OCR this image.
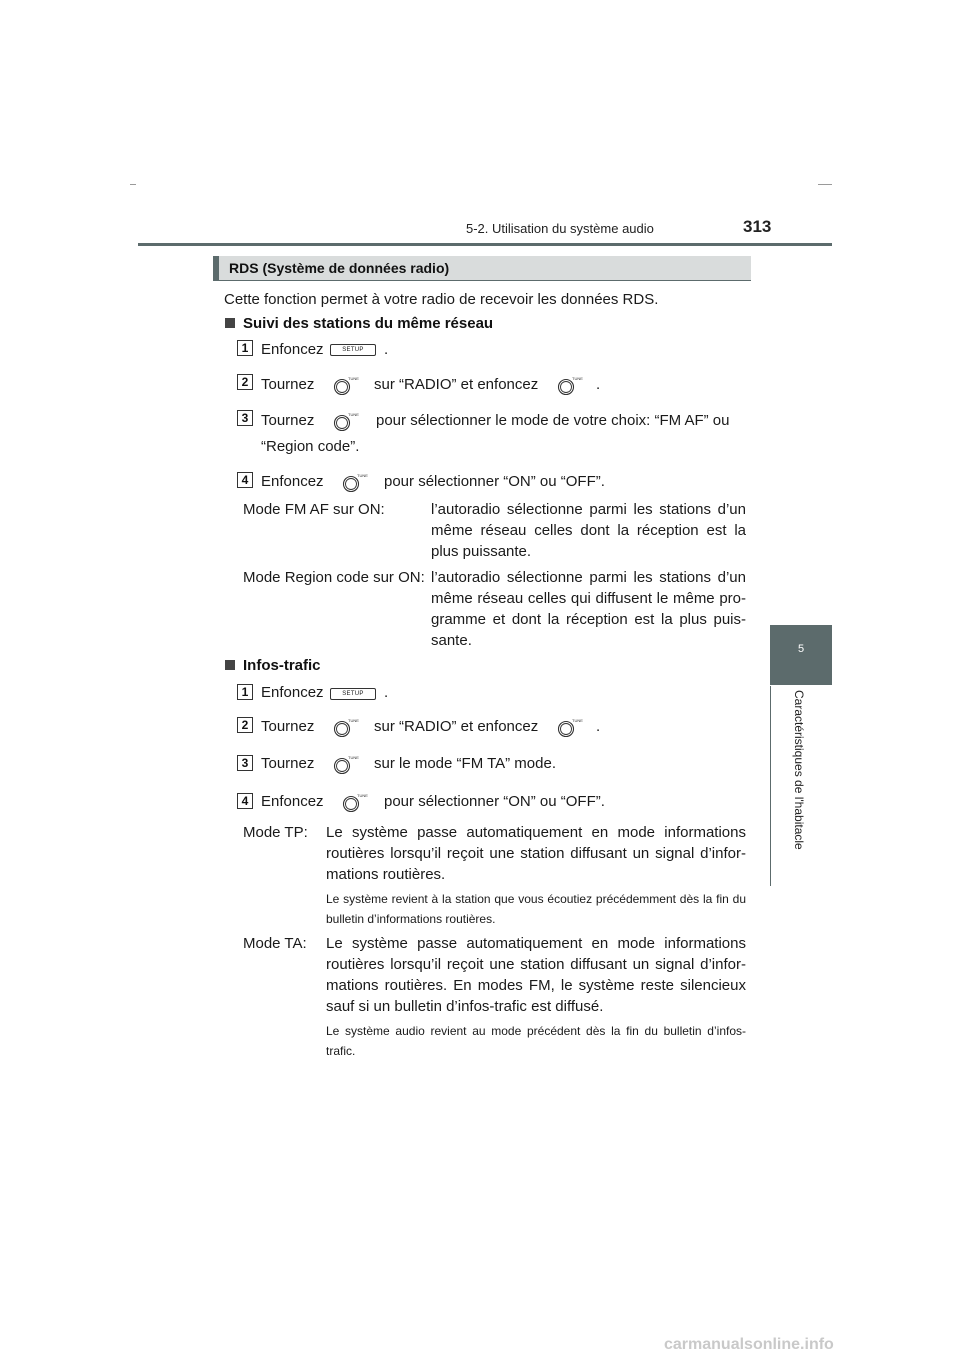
5-2. Utilisation du système audio	313
5
Caractéristiques de l'habitacle
RDS (Système de données radio)
Cette fonction permet à votre radio de recevoir les données RDS.
Suivi des stations du même réseau
1 Enfoncez	SETUP	.
2 Tournez	TUNE sur “RADIO” et enfoncez	TUNE .
3 Tournez	TUNE pour sélectionner le mode de votre choix: “FM AF” ou
“Region code”.
4 Enfoncez	TUNE pour sélectionner “ON” ou “OFF”.
Mode FM AF sur ON:	l’autoradio sélectionne parmi les stations d’un même réseau celles dont la réception est la plus puissante.
Mode Region code sur ON: l’autoradio sélectionne parmi les stations d’un même réseau celles qui diffusent le même pro-gramme et dont la réception est la plus puis-sante.
Infos-trafic
1 Enfoncez	SETUP	.
2 Tournez	TUNE sur “RADIO” et enfoncez	TUNE .
3 Tournez	TUNE sur le mode “FM TA” mode.
4 Enfoncez	TUNE pour sélectionner “ON” ou “OFF”.
Mode TP: Le système passe automatiquement en mode informations routières lorsqu’il reçoit une station diffusant un signal d’infor-mations routières.
Le système revient à la station que vous écoutiez précédemment dès la fin du bulletin d’informations routières.
Mode TA: Le système passe automatiquement en mode informations routières lorsqu’il reçoit une station diffusant un signal d’infor-mations routières. En modes FM, le système reste silencieux sauf si un bulletin d’infos-trafic est diffusé.
Le système audio revient au mode précédent dès la fin du bulletin d’infos-trafic.
carmanualsonline.info
